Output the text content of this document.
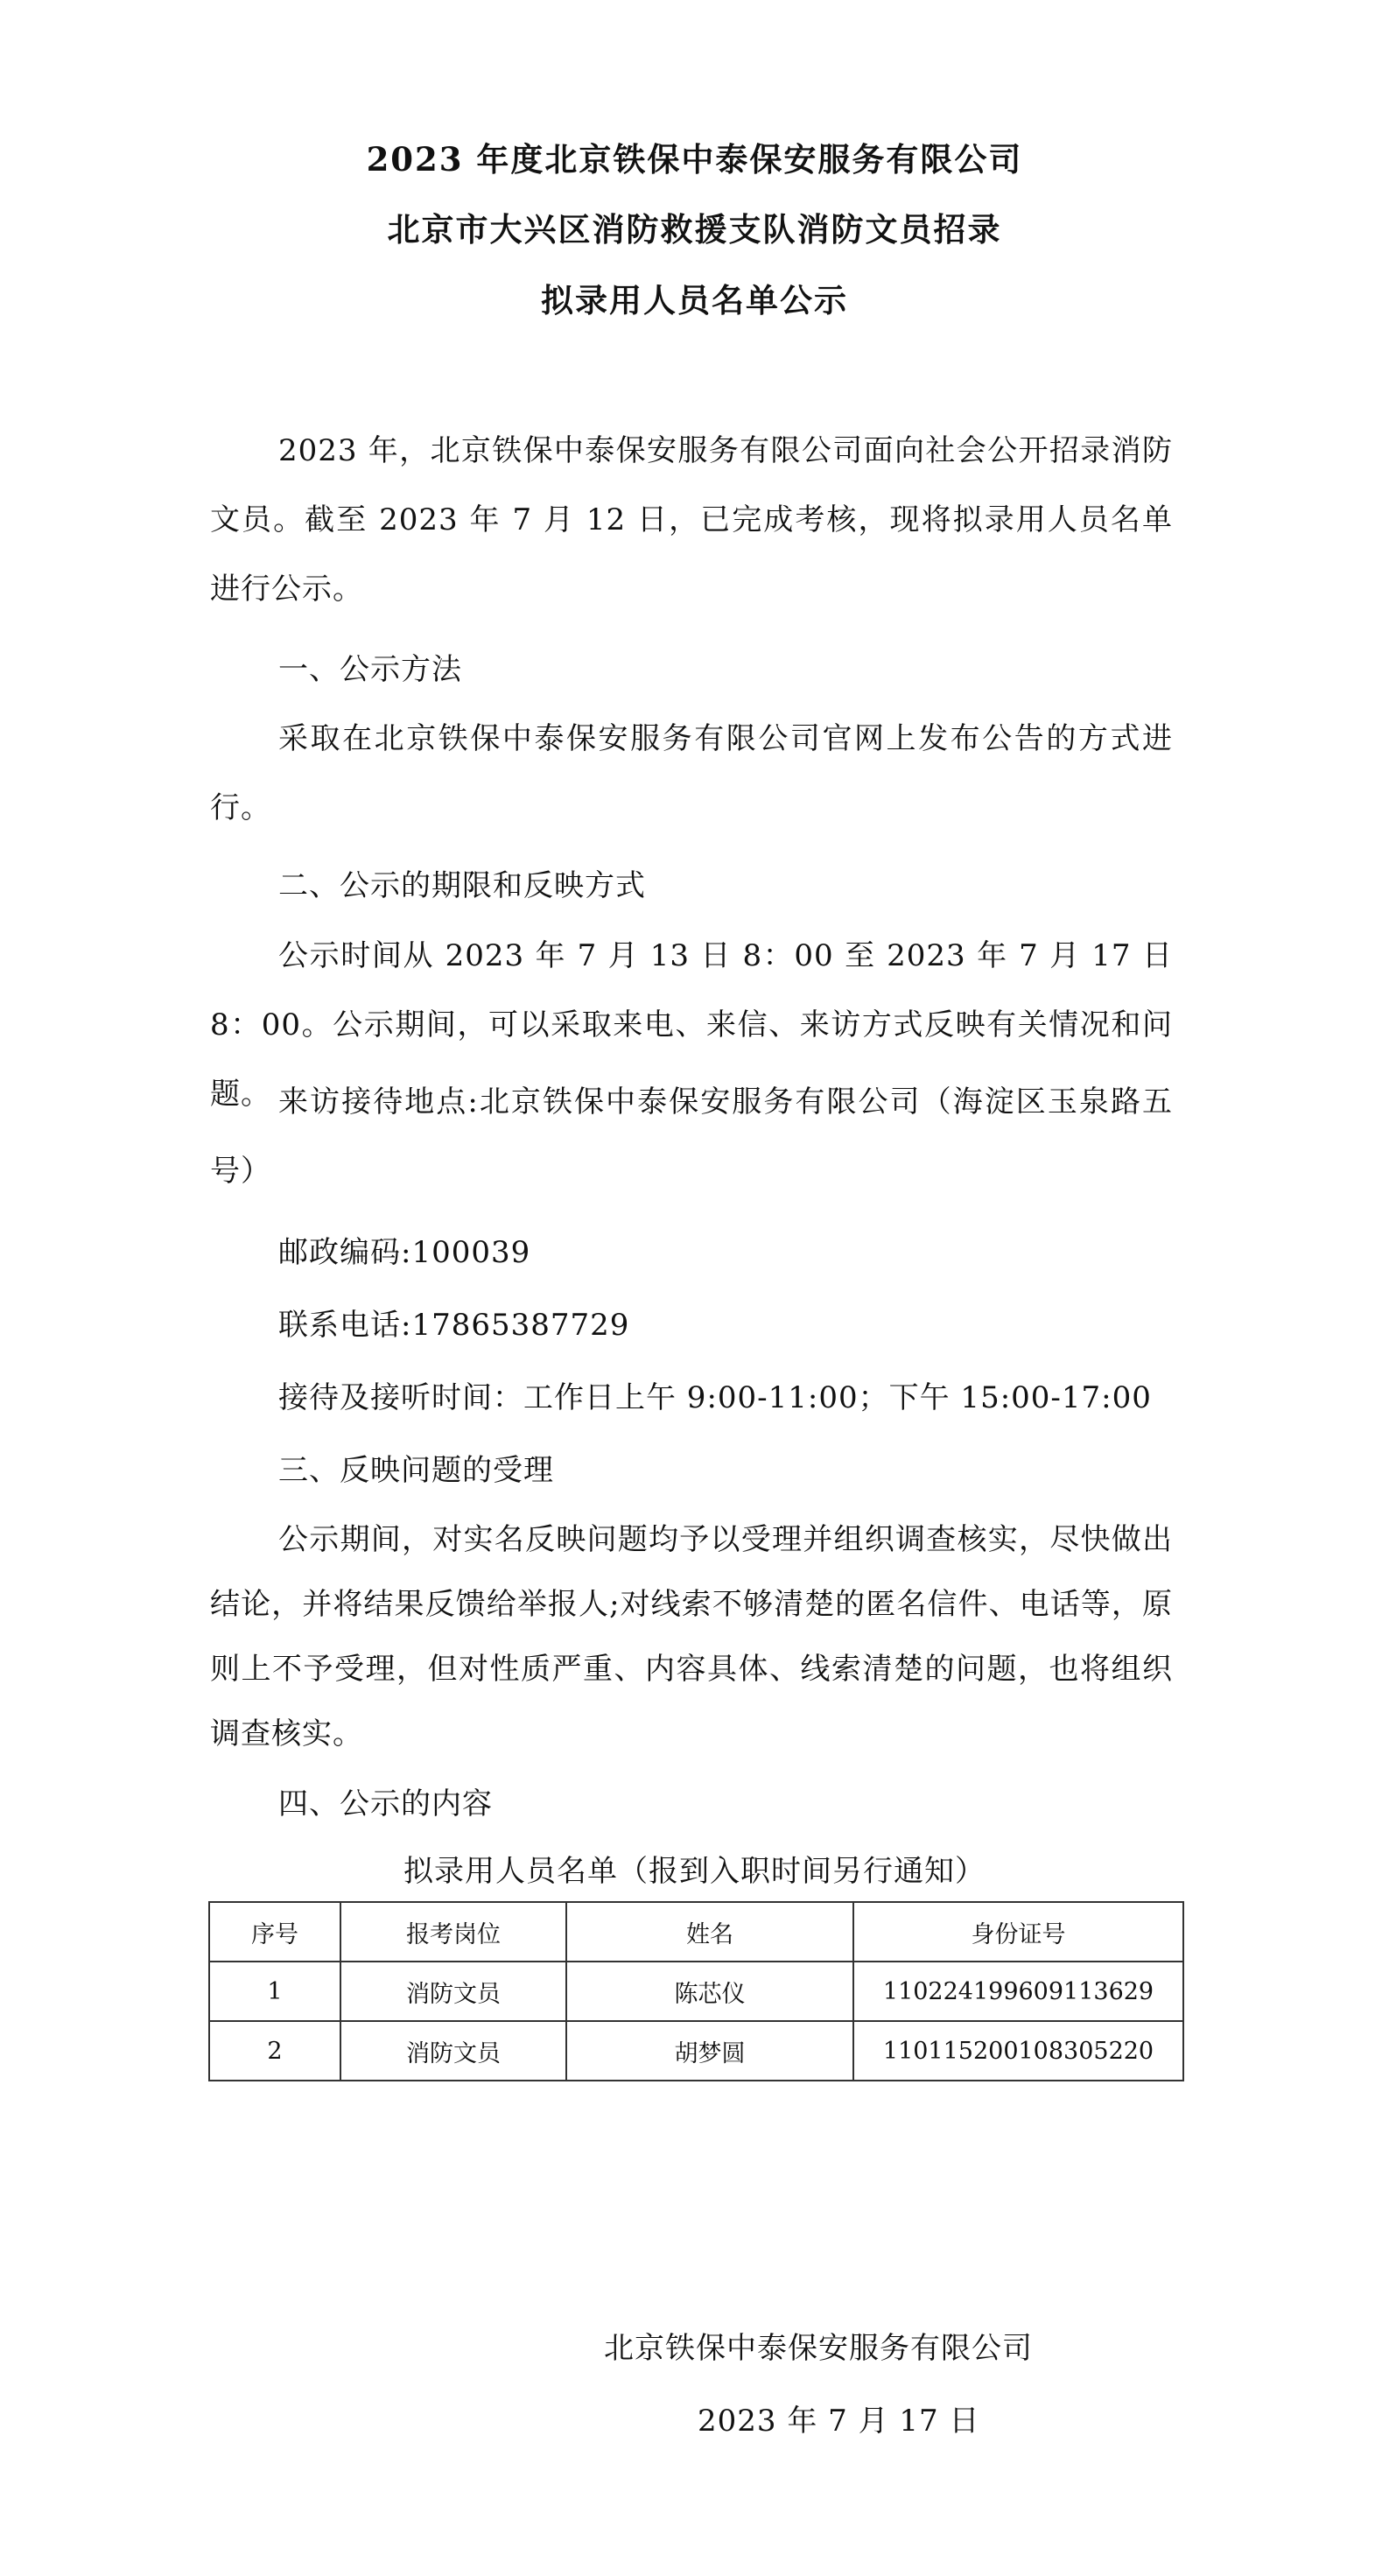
2023 年度北京铁保中泰保安服务有限公司
北京市大兴区消防救援支队消防文员招录
拟录用人员名单公示

2023 年，北京铁保中泰保安服务有限公司面向社会公开招录消防文员。截至 2023 年 7 月 12 日，已完成考核，现将拟录用人员名单进行公示。

一、公示方法

采取在北京铁保中泰保安服务有限公司官网上发布公告的方式进行。

二、公示的期限和反映方式

公示时间从 2023 年 7 月 13 日 8：00 至 2023 年 7 月 17 日 8：00。公示期间，可以采取来电、来信、来访方式反映有关情况和问题。 来访接待地点:北京铁保中泰保安服务有限公司（海淀区玉泉路五号）

邮政编码:100039

联系电话:17865387729

接待及接听时间：工作日上午 9:00-11:00；下午 15:00-17:00

三、反映问题的受理

公示期间，对实名反映问题均予以受理并组织调查核实，尽快做出结论，并将结果反馈给举报人;对线索不够清楚的匿名信件、电话等，原则上不予受理，但对性质严重、内容具体、线索清楚的问题，也将组织调查核实。

四、公示的内容

拟录用人员名单（报到入职时间另行通知）
序号	报考岗位	姓名	身份证号
1	消防文员	陈芯仪	110224199609113629
2	消防文员	胡梦圆	110115200108305220
北京铁保中泰保安服务有限公司
2023 年 7 月 17 日
